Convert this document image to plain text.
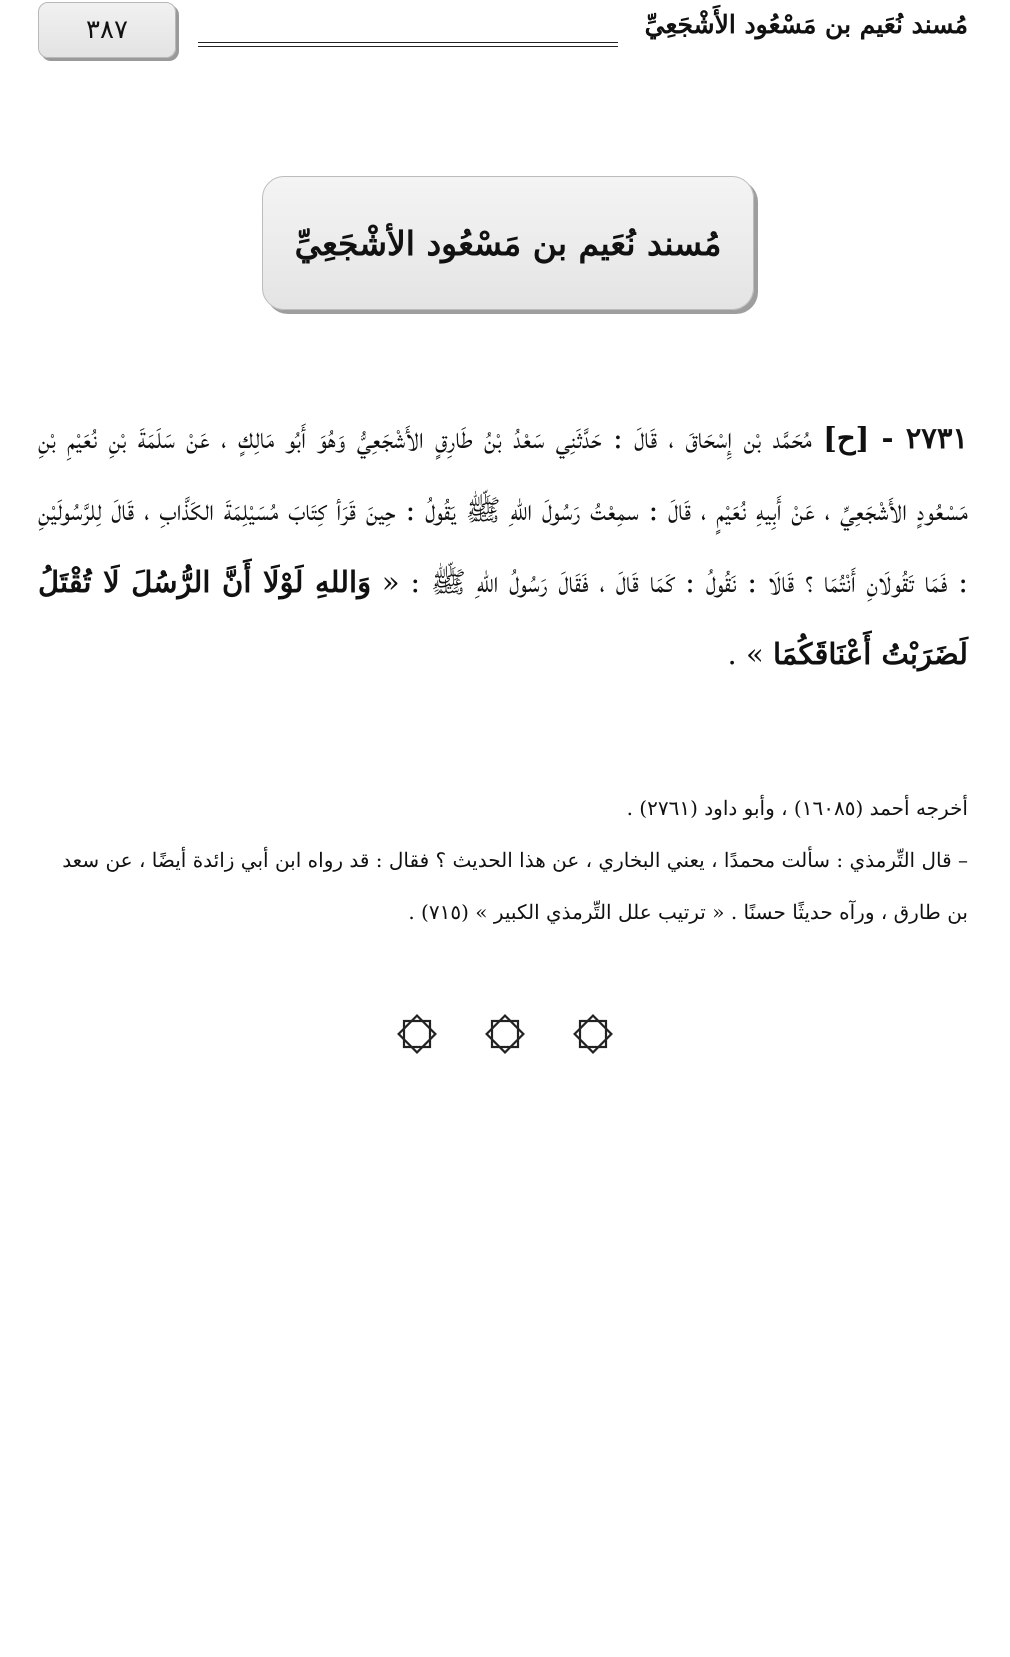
٣٨٧	مُسند نُعَيم بن مَسْعُود الأَشْجَعِيِّ
مُسند نُعَيم بن مَسْعُود الأشْجَعِيِّ
٢٧٣١ - [ح] مُحَمَّد بْن إِسْحَاقَ ، قَالَ : حَدَّثَنِي سَعْدُ بْنُ طَارِقٍ الأَشْجَعِيُّ وَهُوَ أَبُو مَالِكٍ ، عَنْ سَلَمَةَ بْنِ نُعَيْمِ بْنِ مَسْعُودٍ الأَشْجَعِيِّ ، عَنْ أَبِيهِ نُعَيْمٍ ، قَالَ : سمِعْتُ رَسُولَ اللهِ ﷺ يَقُولُ : حِينَ قَرَأ كِتَابَ مُسَيْلِمَةَ الكَذَّابِ ، قَالَ لِلرَّسُولَيْنِ : فَمَا تَقُولَانِ أَنْتُمَا ؟ قَالَا : نَقُولُ : كَمَا قَالَ ، فَقَالَ رَسُولُ اللهِ ﷺ : « وَاللهِ لَوْلَا أَنَّ الرُّسُلَ لَا تُقْتَلُ لَضَرَبْتُ أَعْنَاقَكُمَا » .
أخرجه أحمد (١٦٠٨٥) ، وأبو داود (٢٧٦١) .
– قال التِّرمذي : سألت محمدًا ، يعني البخاري ، عن هذا الحديث ؟ فقال : قد رواه ابن أبي زائدة أيضًا ، عن سعد بن طارق ، ورآه حديثًا حسنًا . « ترتيب علل التِّرمذي الكبير » (٧١٥) .
